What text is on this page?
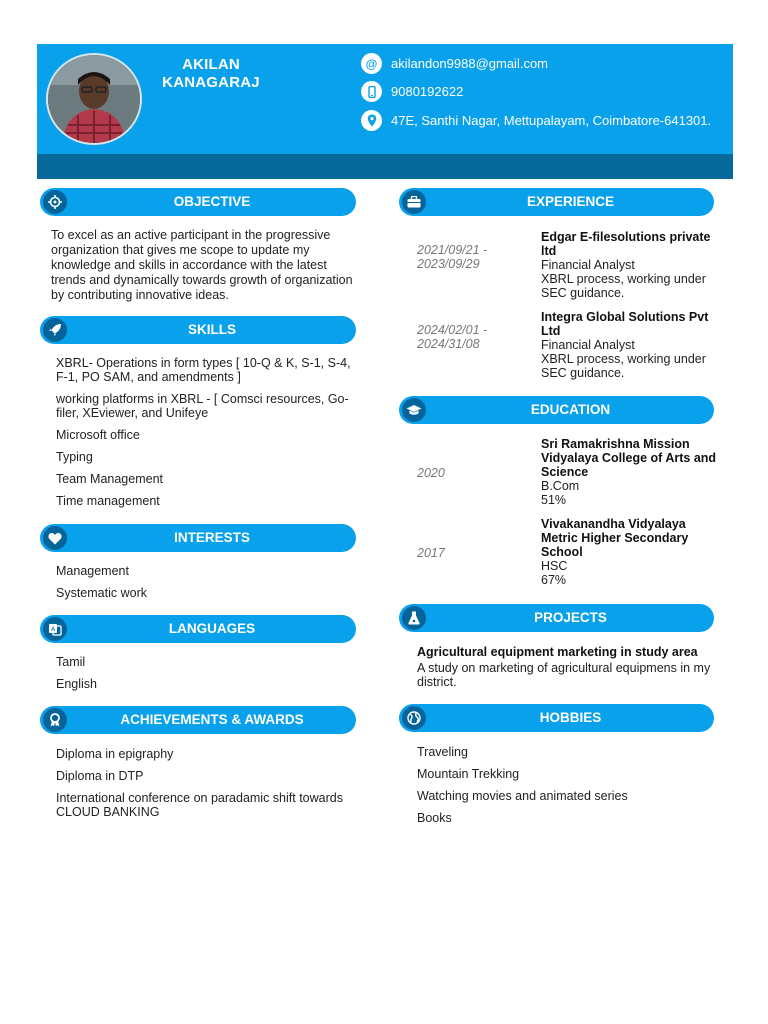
AKILAN
KANAGARAJ
@	akilandon9988@gmail.com
9080192622
47E, Santhi Nagar, Mettupalayam, Coimbatore-641301.
OBJECTIVE
To excel as an active participant in the progressive organization that gives me scope to update my knowledge and skills in accordance with the latest trends and dynamically towards growth of organization by contributing innovative ideas.
SKILLS
XBRL- Operations in form types [ 10-Q & K, S-1, S-4, F-1, PO SAM, and amendments ]
working platforms in XBRL - [ Comsci resources, Go-filer, XEviewer, and Unifeye
Microsoft office
Typing
Team Management
Time management
INTERESTS
Management
Systematic work
A	LANGUAGES
Tamil
English
ACHIEVEMENTS & AWARDS
Diploma in epigraphy
Diploma in DTP
International conference on paradamic shift towards CLOUD BANKING
EXPERIENCE
2021/09/21 - 2023/09/29
Edgar E-filesolutions private ltd
Financial Analyst
XBRL process, working under SEC guidance.
2024/02/01 - 2024/31/08
Integra Global Solutions Pvt Ltd
Financial Analyst
XBRL process, working under SEC guidance.
EDUCATION
2020
Sri Ramakrishna Mission Vidyalaya College of Arts and Science
B.Com
51%
2017
Vivakanandha Vidyalaya Metric Higher Secondary School
HSC
67%
PROJECTS
Agricultural equipment marketing in study area
A study on marketing of agricultural equipmens in my district.
HOBBIES
Traveling
Mountain Trekking
Watching movies and animated series
Books
